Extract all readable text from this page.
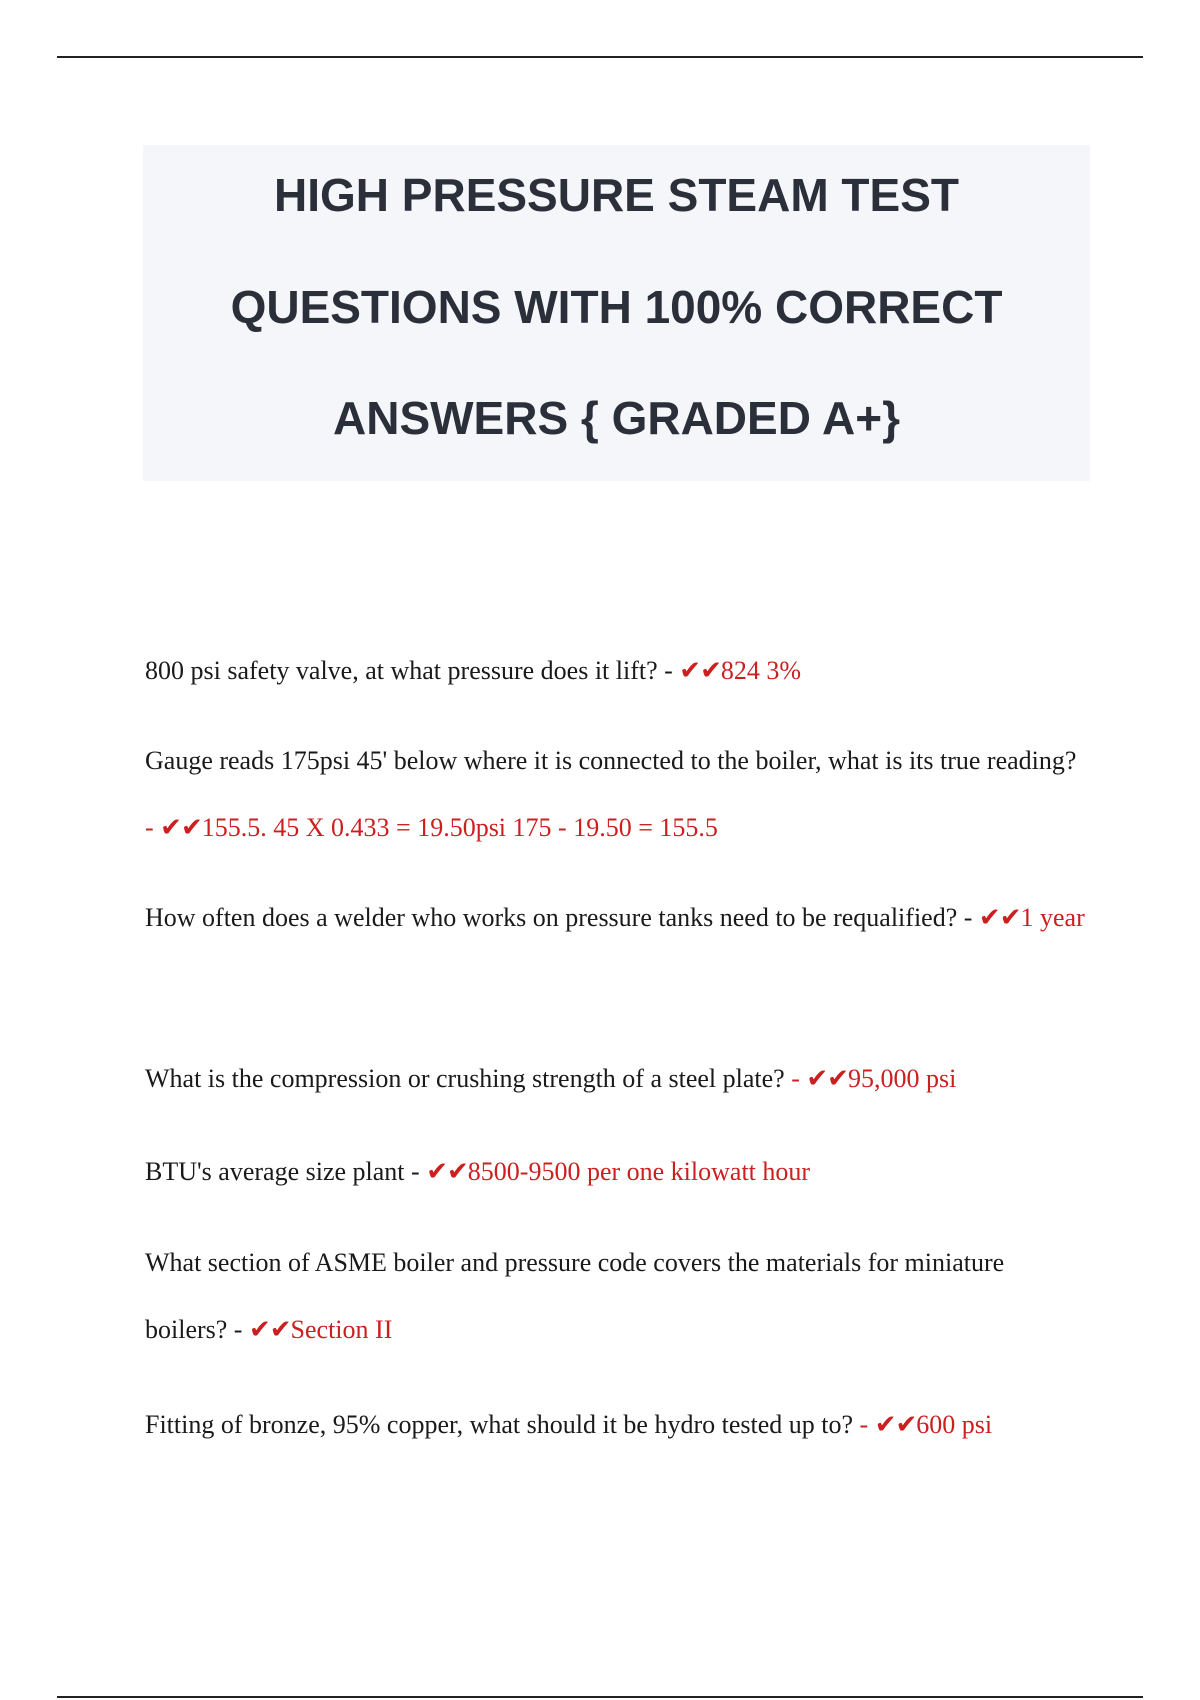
HIGH PRESSURE STEAM TEST
QUESTIONS WITH 100% CORRECT
ANSWERS { GRADED A+}
800 psi safety valve, at what pressure does it lift? - ✔✔824 3%
Gauge reads 175psi 45' below where it is connected to the boiler, what is its true reading? - ✔✔155.5. 45 X 0.433 = 19.50psi 175 - 19.50 = 155.5
How often does a welder who works on pressure tanks need to be requalified? - ✔✔1 year
What is the compression or crushing strength of a steel plate? - ✔✔95,000 psi
BTU's average size plant - ✔✔8500-9500 per one kilowatt hour
What section of ASME boiler and pressure code covers the materials for miniature boilers? - ✔✔Section II
Fitting of bronze, 95% copper, what should it be hydro tested up to? - ✔✔600 psi
